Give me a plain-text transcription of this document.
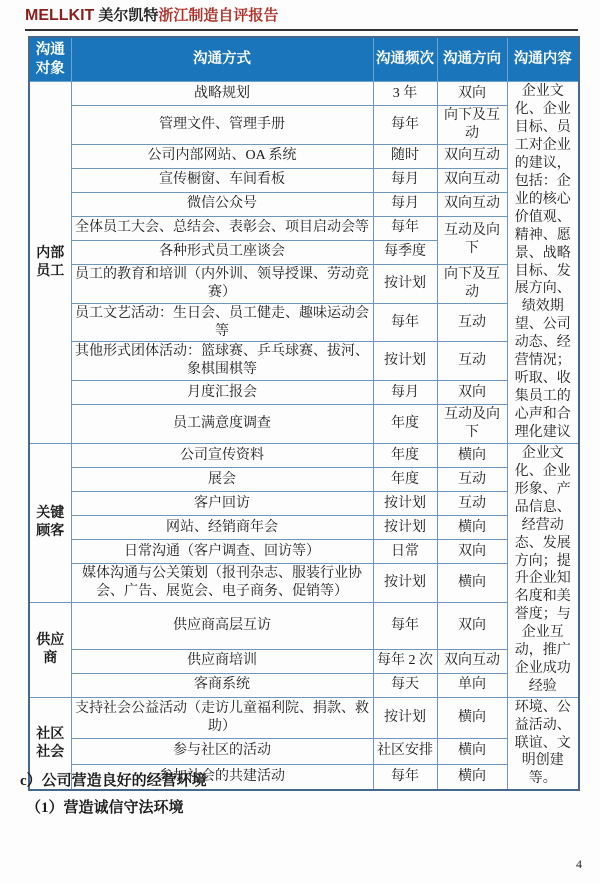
MELLKIT 美尔凯特浙江制造自评报告
沟通对象	沟通方式	沟通频次	沟通方向	沟通内容
内部员工	战略规划	3 年	双向	企业文化、企业目标、员工对企业的建议，包括：企业的核心价值观、精神、愿景、战略目标、发展方向、绩效期望、公司动态、经营情况；听取、收集员工的心声和合理化建议
	管理文件、管理手册	每年	向下及互动	
	公司内部网站、OA 系统	随时	双向互动	
	宣传橱窗、车间看板	每月	双向互动	
	微信公众号	每月	双向互动	
	全体员工大会、总结会、表彰会、项目启动会等	每年	互动及向下	
	各种形式员工座谈会	每季度		
	员工的教育和培训（内外训、领导授课、劳动竞赛）	按计划	向下及互动	
	员工文艺活动：生日会、员工健走、趣味运动会等	每年	互动	
	其他形式团体活动：篮球赛、乒乓球赛、拔河、象棋围棋等	按计划	互动	
	月度汇报会	每月	双向	
	员工满意度调查	年度	互动及向下	
关键顾客	公司宣传资料	年度	横向	企业文化、企业形象、产品信息、经营动态、发展方向；提升企业知名度和美誉度；与企业互动，推广企业成功经验
	展会	年度	互动	
	客户回访	按计划	互动	
	网站、经销商年会	按计划	横向	
	日常沟通（客户调查、回访等）	日常	双向	
	媒体沟通与公关策划（报刊杂志、服装行业协会、广告、展览会、电子商务、促销等）	按计划	横向	
供应商	供应商高层互访	每年	双向	
	供应商培训	每年 2 次	双向互动	
	客商系统	每天	单向	
社区社会	支持社会公益活动（走访儿童福利院、捐款、救助）	按计划	横向	环境、公益活动、联谊、文明创建等。
	参与社区的活动	社区安排	横向	
	参加社会的共建活动	每年	横向	
c）公司营造良好的经营环境
（1）营造诚信守法环境
4
